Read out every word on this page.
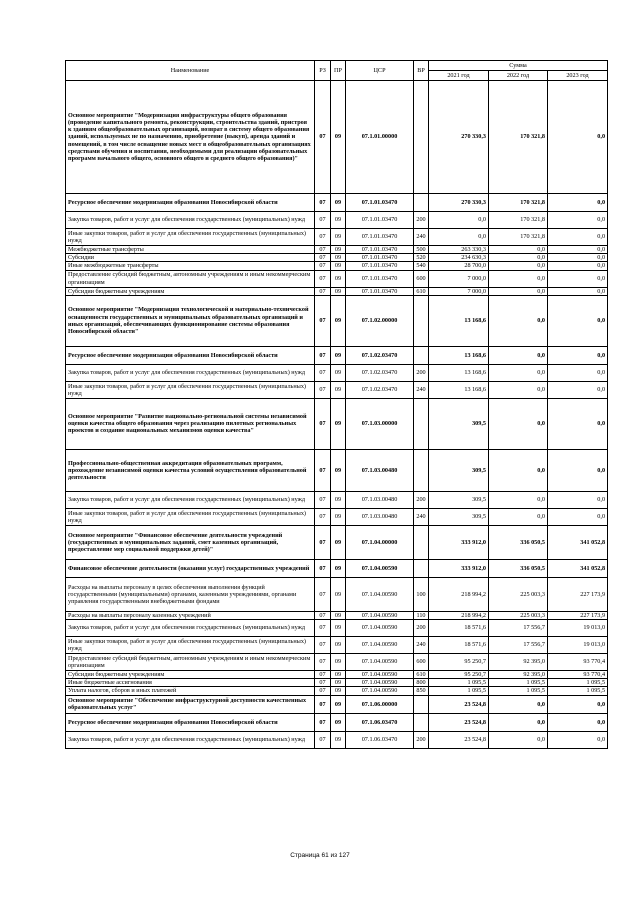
Наименование	РЗ	ПР	ЦСР	ВР	Сумма		
					2021 год	2022 год	2023 год
Основное мероприятие "Модернизация инфраструктуры общего образования (проведение капитального ремонта, реконструкции, строительства зданий, пристроя к зданиям общеобразовательных организаций, возврат в систему общего образования зданий, используемых не по назначению, приобретение (выкуп), аренда зданий и помещений, в том числе оснащение новых мест в общеобразовательных организациях средствами обучения и воспитания, необходимыми для реализации образовательных программ начального общего, основного общего и среднего общего образования)"	07	09	07.1.01.00000		270 330,3	170 321,8	0,0
Ресурсное обеспечение модернизации образования Новосибирской области	07	09	07.1.01.03470		270 330,3	170 321,8	0,0
Закупка товаров, работ и услуг для обеспечения государственных (муниципальных) нужд	07	09	07.1.01.03470	200	0,0	170 321,8	0,0
Иные закупки товаров, работ и услуг для обеспечения государственных (муниципальных) нужд	07	09	07.1.01.03470	240	0,0	170 321,8	0,0
Межбюджетные трансферты	07	09	07.1.01.03470	500	263 330,3	0,0	0,0
Субсидии	07	09	07.1.01.03470	520	234 630,3	0,0	0,0
Иные межбюджетные трансферты	07	09	07.1.01.03470	540	28 700,0	0,0	0,0
Предоставление субсидий бюджетным, автономным учреждениям и иным некоммерческим организациям	07	09	07.1.01.03470	600	7 000,0	0,0	0,0
Субсидии бюджетным учреждениям	07	09	07.1.01.03470	610	7 000,0	0,0	0,0
Основное мероприятие "Модернизация технологической и материально-технической оснащенности государственных и муниципальных образовательных организаций и иных организаций, обеспечивающих функционирование системы образования Новосибирской области"	07	09	07.1.02.00000		13 168,6	0,0	0,0
Ресурсное обеспечение модернизации образования Новосибирской области	07	09	07.1.02.03470		13 168,6	0,0	0,0
Закупка товаров, работ и услуг для обеспечения государственных (муниципальных) нужд	07	09	07.1.02.03470	200	13 168,6	0,0	0,0
Иные закупки товаров, работ и услуг для обеспечения государственных (муниципальных) нужд	07	09	07.1.02.03470	240	13 168,6	0,0	0,0
Основное мероприятие "Развитие национально-региональной системы независимой оценки качества общего образования через реализацию пилотных региональных проектов и создание национальных механизмов оценки качества"	07	09	07.1.03.00000		309,5	0,0	0,0
Профессионально-общественная аккредитация образовательных программ, прохождение независимой оценки качества условий осуществления образовательной деятельности	07	09	07.1.03.00480		309,5	0,0	0,0
Закупка товаров, работ и услуг для обеспечения государственных (муниципальных) нужд	07	09	07.1.03.00480	200	309,5	0,0	0,0
Иные закупки товаров, работ и услуг для обеспечения государственных (муниципальных) нужд	07	09	07.1.03.00480	240	309,5	0,0	0,0
Основное мероприятие "Финансовое обеспечение деятельности учреждений (государственных и муниципальных заданий, смет казенных организаций, предоставление мер социальной поддержки детей)"	07	09	07.1.04.00000		333 912,0	336 050,5	341 052,8
Финансовое обеспечение деятельности (оказания услуг) государственных учреждений	07	09	07.1.04.00590		333 912,0	336 050,5	341 052,8
Расходы на выплаты персоналу в целях обеспечения выполнения функций государственными (муниципальными) органами, казенными учреждениями, органами управления государственными внебюджетными фондами	07	09	07.1.04.00590	100	218 994,2	225 003,3	227 173,9
Расходы на выплаты персоналу казенных учреждений	07	09	07.1.04.00590	110	218 994,2	225 003,3	227 173,9
Закупка товаров, работ и услуг для обеспечения государственных (муниципальных) нужд	07	09	07.1.04.00590	200	18 571,6	17 556,7	19 013,0
Иные закупки товаров, работ и услуг для обеспечения государственных (муниципальных) нужд	07	09	07.1.04.00590	240	18 571,6	17 556,7	19 013,0
Предоставление субсидий бюджетным, автономным учреждениям и иным некоммерческим организациям	07	09	07.1.04.00590	600	95 250,7	92 395,0	93 770,4
Субсидии бюджетным учреждениям	07	09	07.1.04.00590	610	95 250,7	92 395,0	93 770,4
Иные бюджетные ассигнования	07	09	07.1.04.00590	800	1 095,5	1 095,5	1 095,5
Уплата налогов, сборов и иных платежей	07	09	07.1.04.00590	850	1 095,5	1 095,5	1 095,5
Основное мероприятие "Обеспечение инфраструктурной доступности качественных образовательных услуг"	07	09	07.1.06.00000		23 524,8	0,0	0,0
Ресурсное обеспечение модернизации образования Новосибирской области	07	09	07.1.06.03470		23 524,8	0,0	0,0
Закупка товаров, работ и услуг для обеспечения государственных (муниципальных) нужд	07	09	07.1.06.03470	200	23 524,8	0,0	0,0
Страница 61 из 127
